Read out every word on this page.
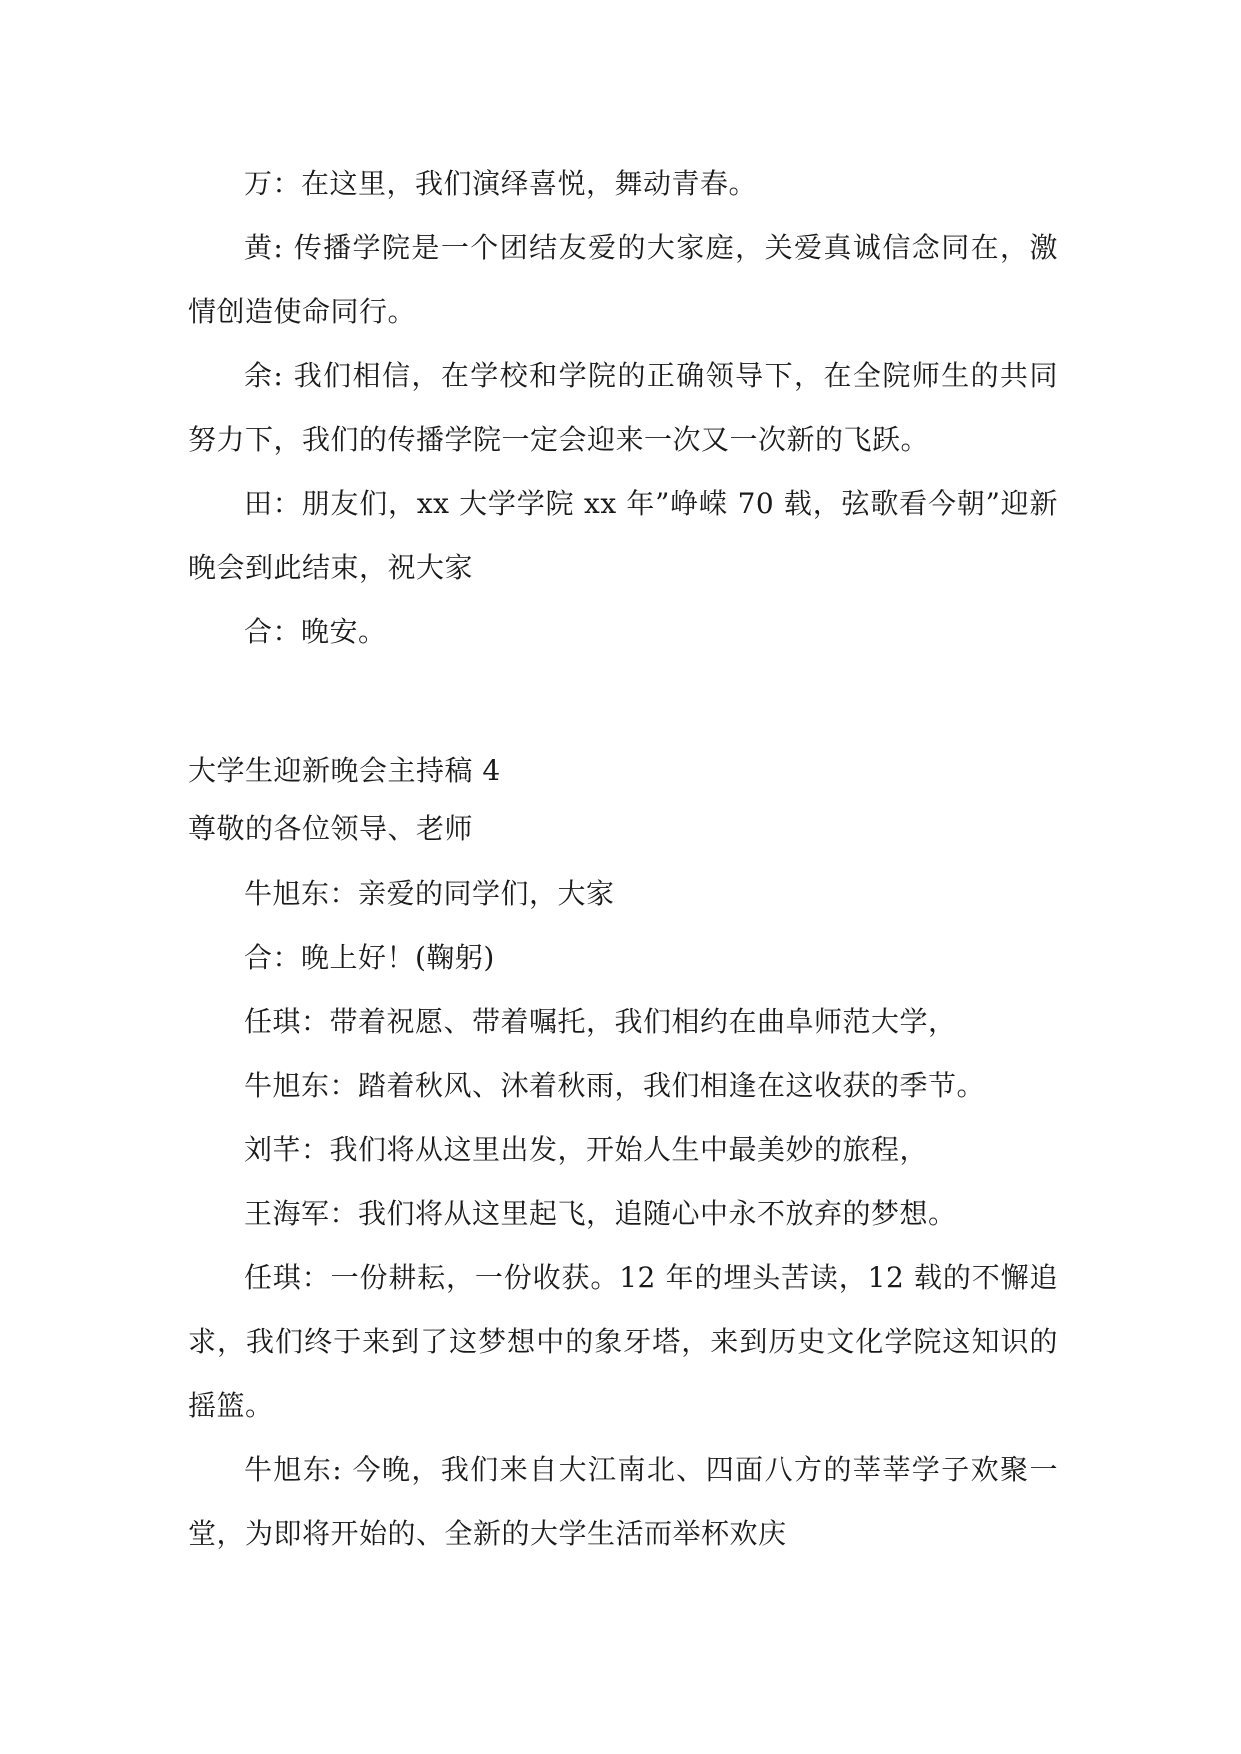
万：在这里，我们演绎喜悦，舞动青春。

黄: 传播学院是一个团结友爱的大家庭，关爱真诚信念同在，激情创造使命同行。

余: 我们相信，在学校和学院的正确领导下，在全院师生的共同努力下，我们的传播学院一定会迎来一次又一次新的飞跃。

田：朋友们，xx 大学学院 xx 年”峥嵘 70 载，弦歌看今朝”迎新晚会到此结束，祝大家

合：晚安。

大学生迎新晚会主持稿 4

尊敬的各位领导、老师

牛旭东：亲爱的同学们，大家

合：晚上好！(鞠躬)

任琪：带着祝愿、带着嘱托，我们相约在曲阜师范大学，

牛旭东：踏着秋风、沐着秋雨，我们相逢在这收获的季节。

刘芊：我们将从这里出发，开始人生中最美妙的旅程，

王海军：我们将从这里起飞，追随心中永不放弃的梦想。

任琪：一份耕耘，一份收获。12 年的埋头苦读，12 载的不懈追求，我们终于来到了这梦想中的象牙塔，来到历史文化学院这知识的摇篮。

牛旭东: 今晚，我们来自大江南北、四面八方的莘莘学子欢聚一堂，为即将开始的、全新的大学生活而举杯欢庆
